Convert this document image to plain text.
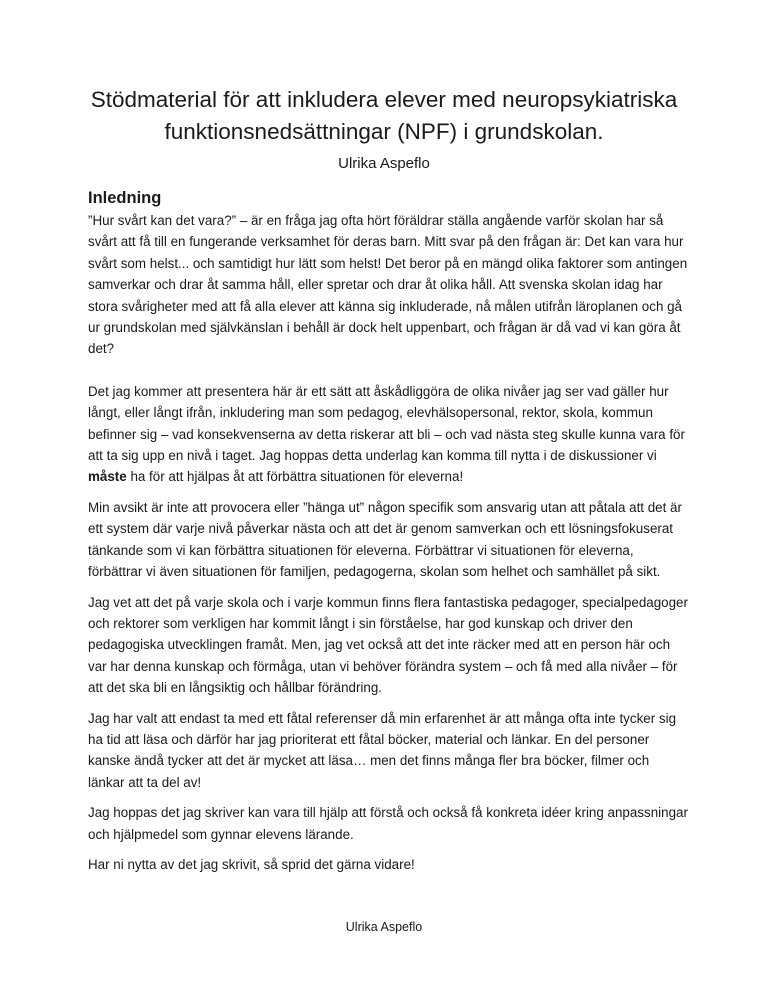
Stödmaterial för att inkludera elever med neuropsykiatriska funktionsnedsättningar (NPF) i grundskolan.

Ulrika Aspeflo

Inledning

”Hur svårt kan det vara?” – är en fråga jag ofta hört föräldrar ställa angående varför skolan har så svårt att få till en fungerande verksamhet för deras barn. Mitt svar på den frågan är: Det kan vara hur svårt som helst... och samtidigt hur lätt som helst! Det beror på en mängd olika faktorer som antingen samverkar och drar åt samma håll, eller spretar och drar åt olika håll. Att svenska skolan idag har stora svårigheter med att få alla elever att känna sig inkluderade, nå målen utifrån läroplanen och gå ur grundskolan med självkänslan i behåll är dock helt uppenbart, och frågan är då vad vi kan göra åt det?

Det jag kommer att presentera här är ett sätt att åskådliggöra de olika nivåer jag ser vad gäller hur långt, eller långt ifrån, inkludering man som pedagog, elevhälsopersonal, rektor, skola, kommun befinner sig – vad konsekvenserna av detta riskerar att bli – och vad nästa steg skulle kunna vara för att ta sig upp en nivå i taget. Jag hoppas detta underlag kan komma till nytta i de diskussioner vi måste ha för att hjälpas åt att förbättra situationen för eleverna!

Min avsikt är inte att provocera eller ”hänga ut” någon specifik som ansvarig utan att påtala att det är ett system där varje nivå påverkar nästa och att det är genom samverkan och ett lösningsfokuserat tänkande som vi kan förbättra situationen för eleverna. Förbättrar vi situationen för eleverna, förbättrar vi även situationen för familjen, pedagogerna, skolan som helhet och samhället på sikt.

Jag vet att det på varje skola och i varje kommun finns flera fantastiska pedagoger, specialpedagoger och rektorer som verkligen har kommit långt i sin förståelse, har god kunskap och driver den pedagogiska utvecklingen framåt. Men, jag vet också att det inte räcker med att en person här och var har denna kunskap och förmåga, utan vi behöver förändra system – och få med alla nivåer – för att det ska bli en långsiktig och hållbar förändring.

Jag har valt att endast ta med ett fåtal referenser då min erfarenhet är att många ofta inte tycker sig ha tid att läsa och därför har jag prioriterat ett fåtal böcker, material och länkar. En del personer kanske ändå tycker att det är mycket att läsa… men det finns många fler bra böcker, filmer och länkar att ta del av!

Jag hoppas det jag skriver kan vara till hjälp att förstå och också få konkreta idéer kring anpassningar och hjälpmedel som gynnar elevens lärande.

Har ni nytta av det jag skrivit, så sprid det gärna vidare!

Ulrika Aspeflo
